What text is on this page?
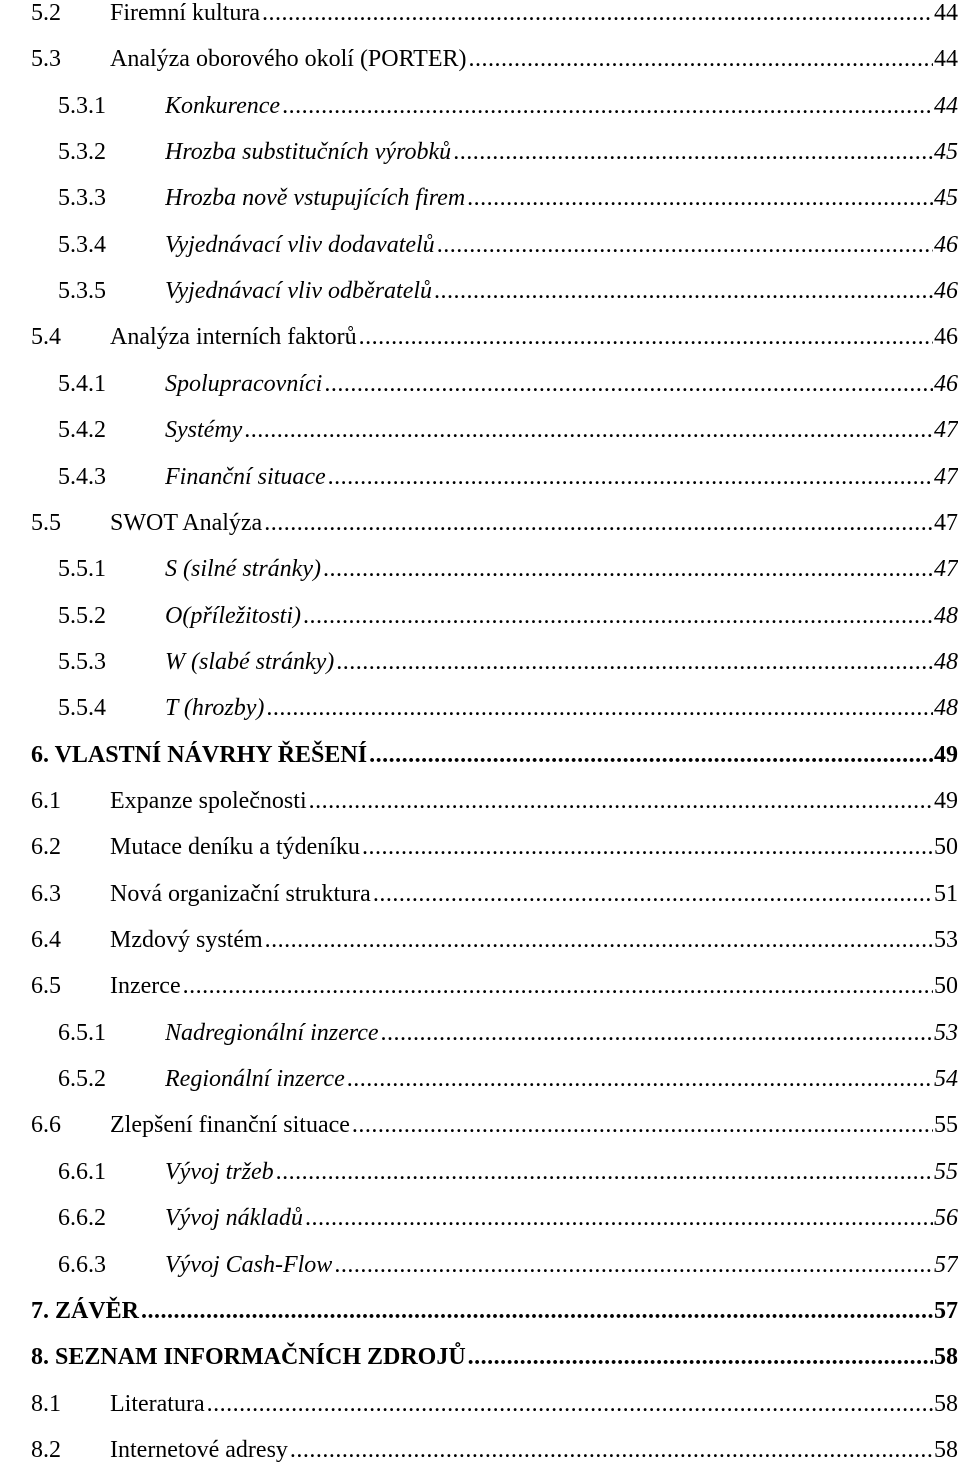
5.2 Firemní kultura .....	44
5.3 Analýza oborového okolí (PORTER) .....	44
5.3.1 Konkurence .....	44
5.3.2 Hrozba substitučních výrobků .....	45
5.3.3 Hrozba nově vstupujících firem .....	45
5.3.4 Vyjednávací vliv dodavatelů .....	46
5.3.5 Vyjednávací vliv odběratelů .....	46
5.4 Analýza interních faktorů .....	46
5.4.1 Spolupracovníci .....	46
5.4.2 Systémy .....	47
5.4.3 Finanční situace .....	47
5.5 SWOT Analýza .....	47
5.5.1 S (silné stránky) .....	47
5.5.2 O(příležitosti) .....	48
5.5.3 W (slabé stránky) .....	48
5.5.4 T (hrozby) .....	48
6. VLASTNÍ NÁVRHY ŘEŠENÍ .....	49
6.1 Expanze společnosti .....	49
6.2 Mutace deníku a týdeníku .....	50
6.3 Nová organizační struktura .....	51
6.4 Mzdový systém .....	53
6.5 Inzerce .....	50
6.5.1 Nadregionální inzerce .....	53
6.5.2 Regionální inzerce .....	54
6.6 Zlepšení finanční situace .....	55
6.6.1 Vývoj tržeb .....	55
6.6.2 Vývoj nákladů .....	56
6.6.3 Vývoj Cash-Flow .....	57
7. ZÁVĚR .....	57
8. SEZNAM INFORMAČNÍCH ZDROJŮ .....	58
8.1 Literatura .....	58
8.2 Internetové adresy .....	58
